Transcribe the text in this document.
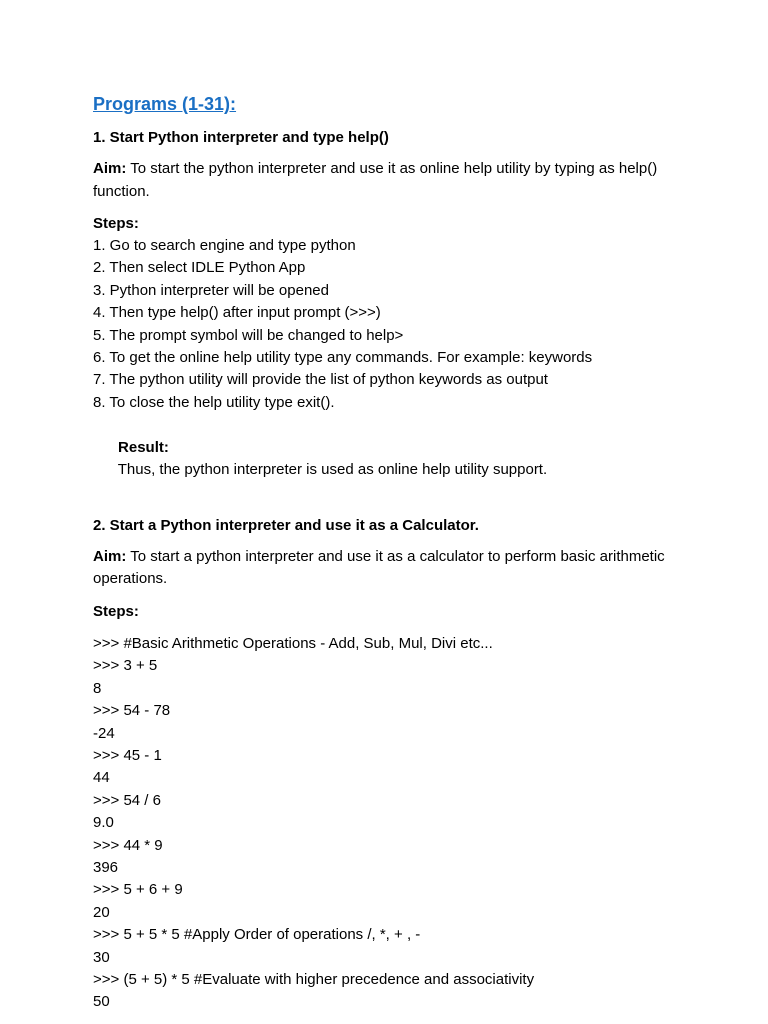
Programs (1-31):
1. Start Python interpreter and type help()
Aim: To start the python interpreter and use it as online help utility by typing as help() function.
Steps:
1. Go to search engine and type python
2. Then select IDLE Python App
3. Python interpreter will be opened
4. Then type help() after input prompt (>>>)
5. The prompt symbol will be changed to help>
6. To get the online help utility type any commands. For example: keywords
7. The python utility will provide the list of python keywords as output
8. To close the help utility type exit().

Result:
Thus, the python interpreter is used as online help utility support.

2. Start a Python interpreter and use it as a Calculator.
Aim: To start a python interpreter and use it as a calculator to perform basic arithmetic operations.
Steps:
>>> #Basic Arithmetic Operations - Add, Sub, Mul, Divi etc...
>>> 3 + 5
8
>>> 54 - 78
-24
>>> 45 - 1
44
>>> 54 / 6
9.0
>>> 44 * 9
396
>>> 5 + 6 + 9
20
>>> 5 + 5 * 5 #Apply Order of operations /, *, + , -
30
>>> (5 + 5) * 5 #Evaluate with higher precedence and associativity
50
